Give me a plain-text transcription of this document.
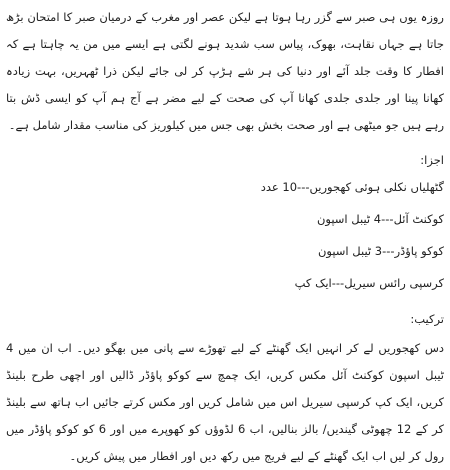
روزہ یوں ہی صبر سے گزر رہا ہوتا ہے لیکن عصر اور مغرب کے درمیان صبر کا امتحان بڑھ جاتا ہے جہاں نقاہت، بھوک، پیاس سب شدید ہونے لگتی ہے ایسے میں من یہ چاہتا ہے کہ افطار کا وقت جلد آئے اور دنیا کی ہر شے ہڑپ کر لی جائے لیکن ذرا ٹھہریں، بہت زیادہ کھانا پینا اور جلدی جلدی کھانا آپ کی صحت کے لیے مضر ہے آج ہم آپ کو ایسی ڈش بتا رہے ہیں جو میٹھی ہے اور صحت بخش بھی جس میں کیلوریز کی مناسب مقدار شامل ہے۔

اجزا:

گٹھلیاں نکلی ہوئی کھجوریں---10 عدد

کوکنٹ آئل---4 ٹیبل اسپون

کوکو پاؤڈر---3 ٹیبل اسپون

کرسپی رائس سیریل---ایک کپ

ترکیب:

دس کھجوریں لے کر انہیں ایک گھنٹے کے لیے تھوڑے سے پانی میں بھگو دیں۔ اب ان میں 4 ٹیبل اسپون کوکنٹ آئل مکس کریں، ایک چمچ سے کوکو پاؤڈر ڈالیں اور اچھی طرح بلینڈ کریں، ایک کپ کرسپی سیریل اس میں شامل کریں اور مکس کرتے جائیں اب ہاتھ سے بلینڈ کر کے 12 چھوٹی گیندیں/ بالز بنالیں، اب 6 لڈوؤں کو کھوپرے میں اور 6 کو کوکو پاؤڈر میں رول کر لیں اب ایک گھنٹے کے لیے فریج میں رکھ دیں اور افطار میں پیش کریں۔
